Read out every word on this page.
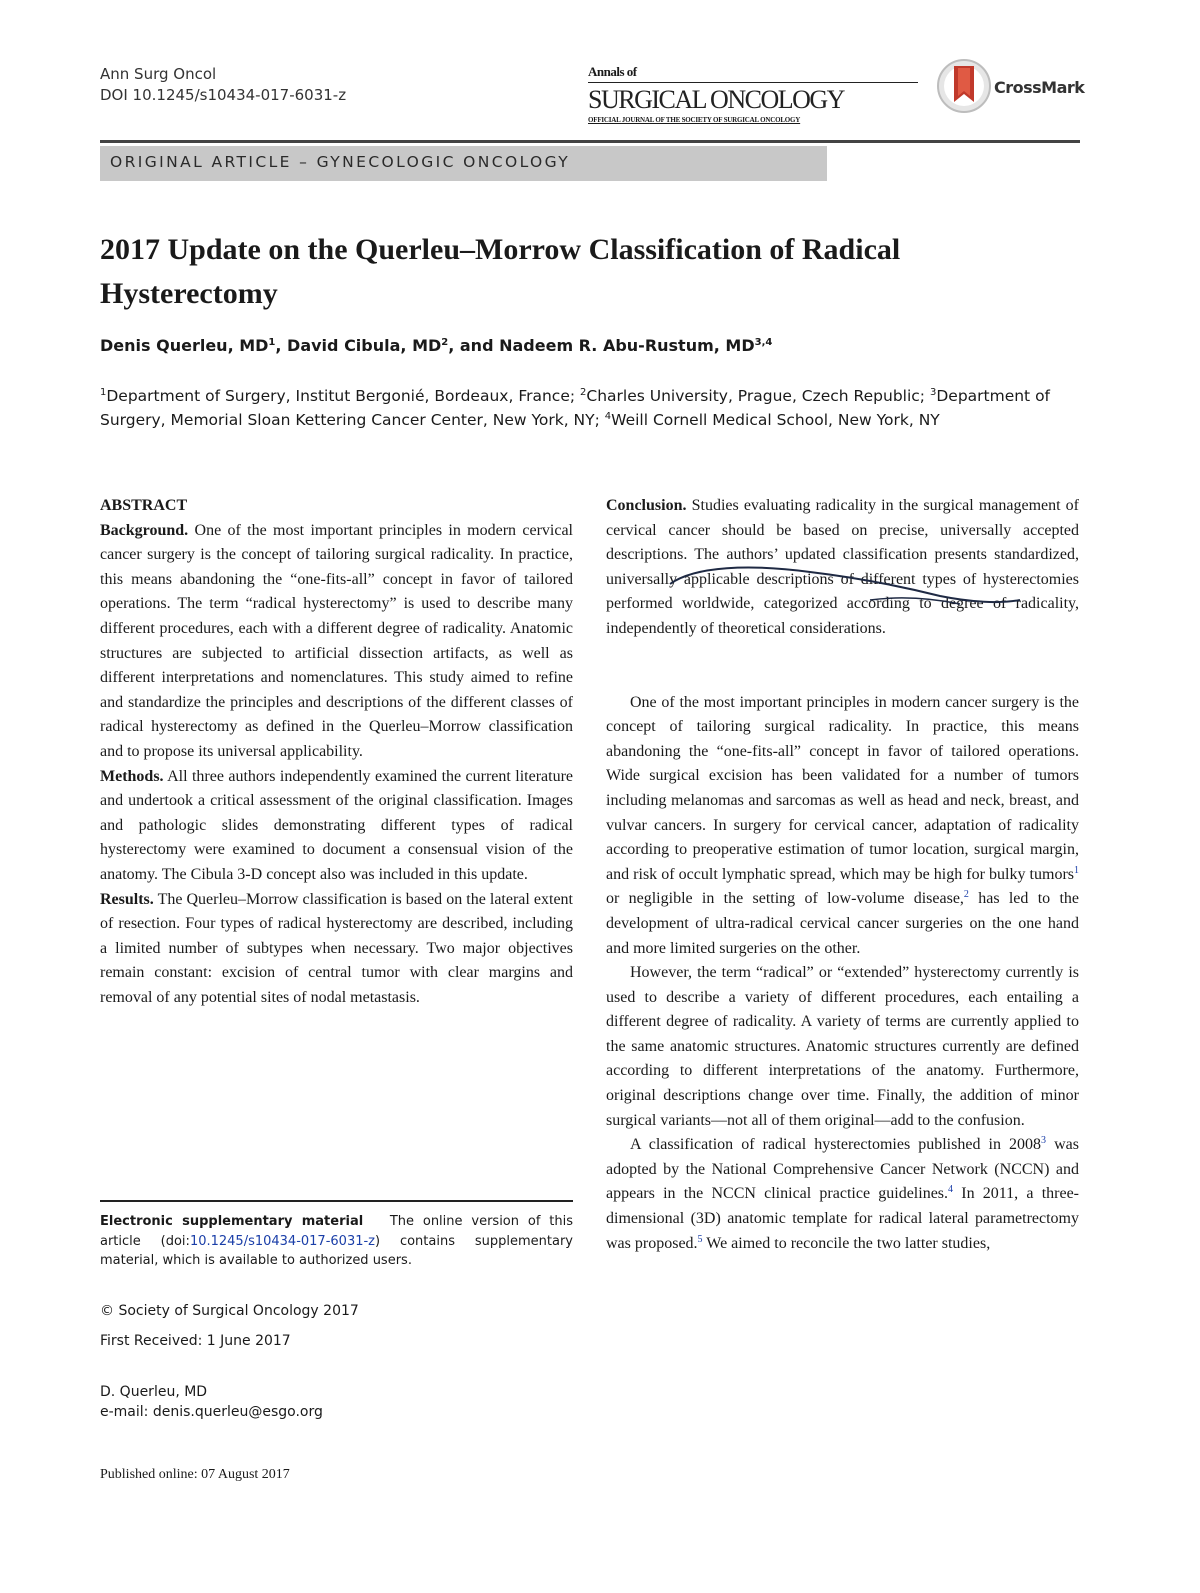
Ann Surg Oncol
DOI 10.1245/s10434-017-6031-z
Annals of
SURGICAL ONCOLOGY
OFFICIAL JOURNAL OF THE SOCIETY OF SURGICAL ONCOLOGY
CrossMark
ORIGINAL ARTICLE – GYNECOLOGIC ONCOLOGY
2017 Update on the Querleu–Morrow Classification of Radical Hysterectomy
Denis Querleu, $MD^1$, David Cibula, $MD^2$, and Nadeem R. Abu-Rustum, MD$^{3,4}$
$^1$Department of Surgery, Institut Bergonié, Bordeaux, France; $^2$Charles University, Prague, Czech Republic; $^3$Department of Surgery, Memorial Sloan Kettering Cancer Center, New York, NY; $^4$Weill Cornell Medical School, New York, NY
ABSTRACT

Background. One of the most important principles in modern cervical cancer surgery is the concept of tailoring surgical radicality. In practice, this means abandoning the “one-fits-all” concept in favor of tailored operations. The term “radical hysterectomy” is used to describe many different procedures, each with a different degree of radicality. Anatomic structures are subjected to artificial dissection artifacts, as well as different interpretations and nomenclatures. This study aimed to refine and standardize the principles and descriptions of the different classes of radical hysterectomy as defined in the Querleu–Morrow classification and to propose its universal applicability.

Methods. All three authors independently examined the current literature and undertook a critical assessment of the original classification. Images and pathologic slides demonstrating different types of radical hysterectomy were examined to document a consensual vision of the anatomy. The Cibula 3-D concept also was included in this update.

Results. The Querleu–Morrow classification is based on the lateral extent of resection. Four types of radical hysterectomy are described, including a limited number of subtypes when necessary. Two major objectives remain constant: excision of central tumor with clear margins and removal of any potential sites of nodal metastasis.

Conclusion. Studies evaluating radicality in the surgical management of cervical cancer should be based on precise, universally accepted descriptions. The authors’ updated classification presents standardized, universally applicable descriptions of different types of hysterectomies performed worldwide, categorized according to degree of radicality, independently of theoretical considerations.

One of the most important principles in modern cancer surgery is the concept of tailoring surgical radicality. In practice, this means abandoning the “one-fits-all” concept in favor of tailored operations. Wide surgical excision has been validated for a number of tumors including melanomas and sarcomas as well as head and neck, breast, and vulvar cancers. In surgery for cervical cancer, adaptation of radicality according to preoperative estimation of tumor location, surgical margin, and risk of occult lymphatic spread, which may be high for bulky tumors$^1$ or negligible in the setting of low-volume disease,$^2$ has led to the development of ultra-radical cervical cancer surgeries on the one hand and more limited surgeries on the other.

However, the term “radical” or “extended” hysterectomy currently is used to describe a variety of different procedures, each entailing a different degree of radicality. A variety of terms are currently applied to the same anatomic structures. Anatomic structures currently are defined according to different interpretations of the anatomy. Furthermore, original descriptions change over time. Finally, the addition of minor surgical variants—not all of them original—add to the confusion.

A classification of radical hysterectomies published in 2008$^3$ was adopted by the National Comprehensive Cancer Network (NCCN) and appears in the NCCN clinical practice guidelines.$^4$ In 2011, a three-dimensional (3D) anatomic template for radical lateral parametrectomy was proposed.$^5$ We aimed to reconcile the two latter studies,

Electronic supplementary material The online version of this article (doi:10.1245/s10434-017-6031-z) contains supplementary material, which is available to authorized users.
© Society of Surgical Oncology 2017
First Received: 1 June 2017
D. Querleu, MD
e-mail: denis.querleu@esgo.org
Published online: 07 August 2017
